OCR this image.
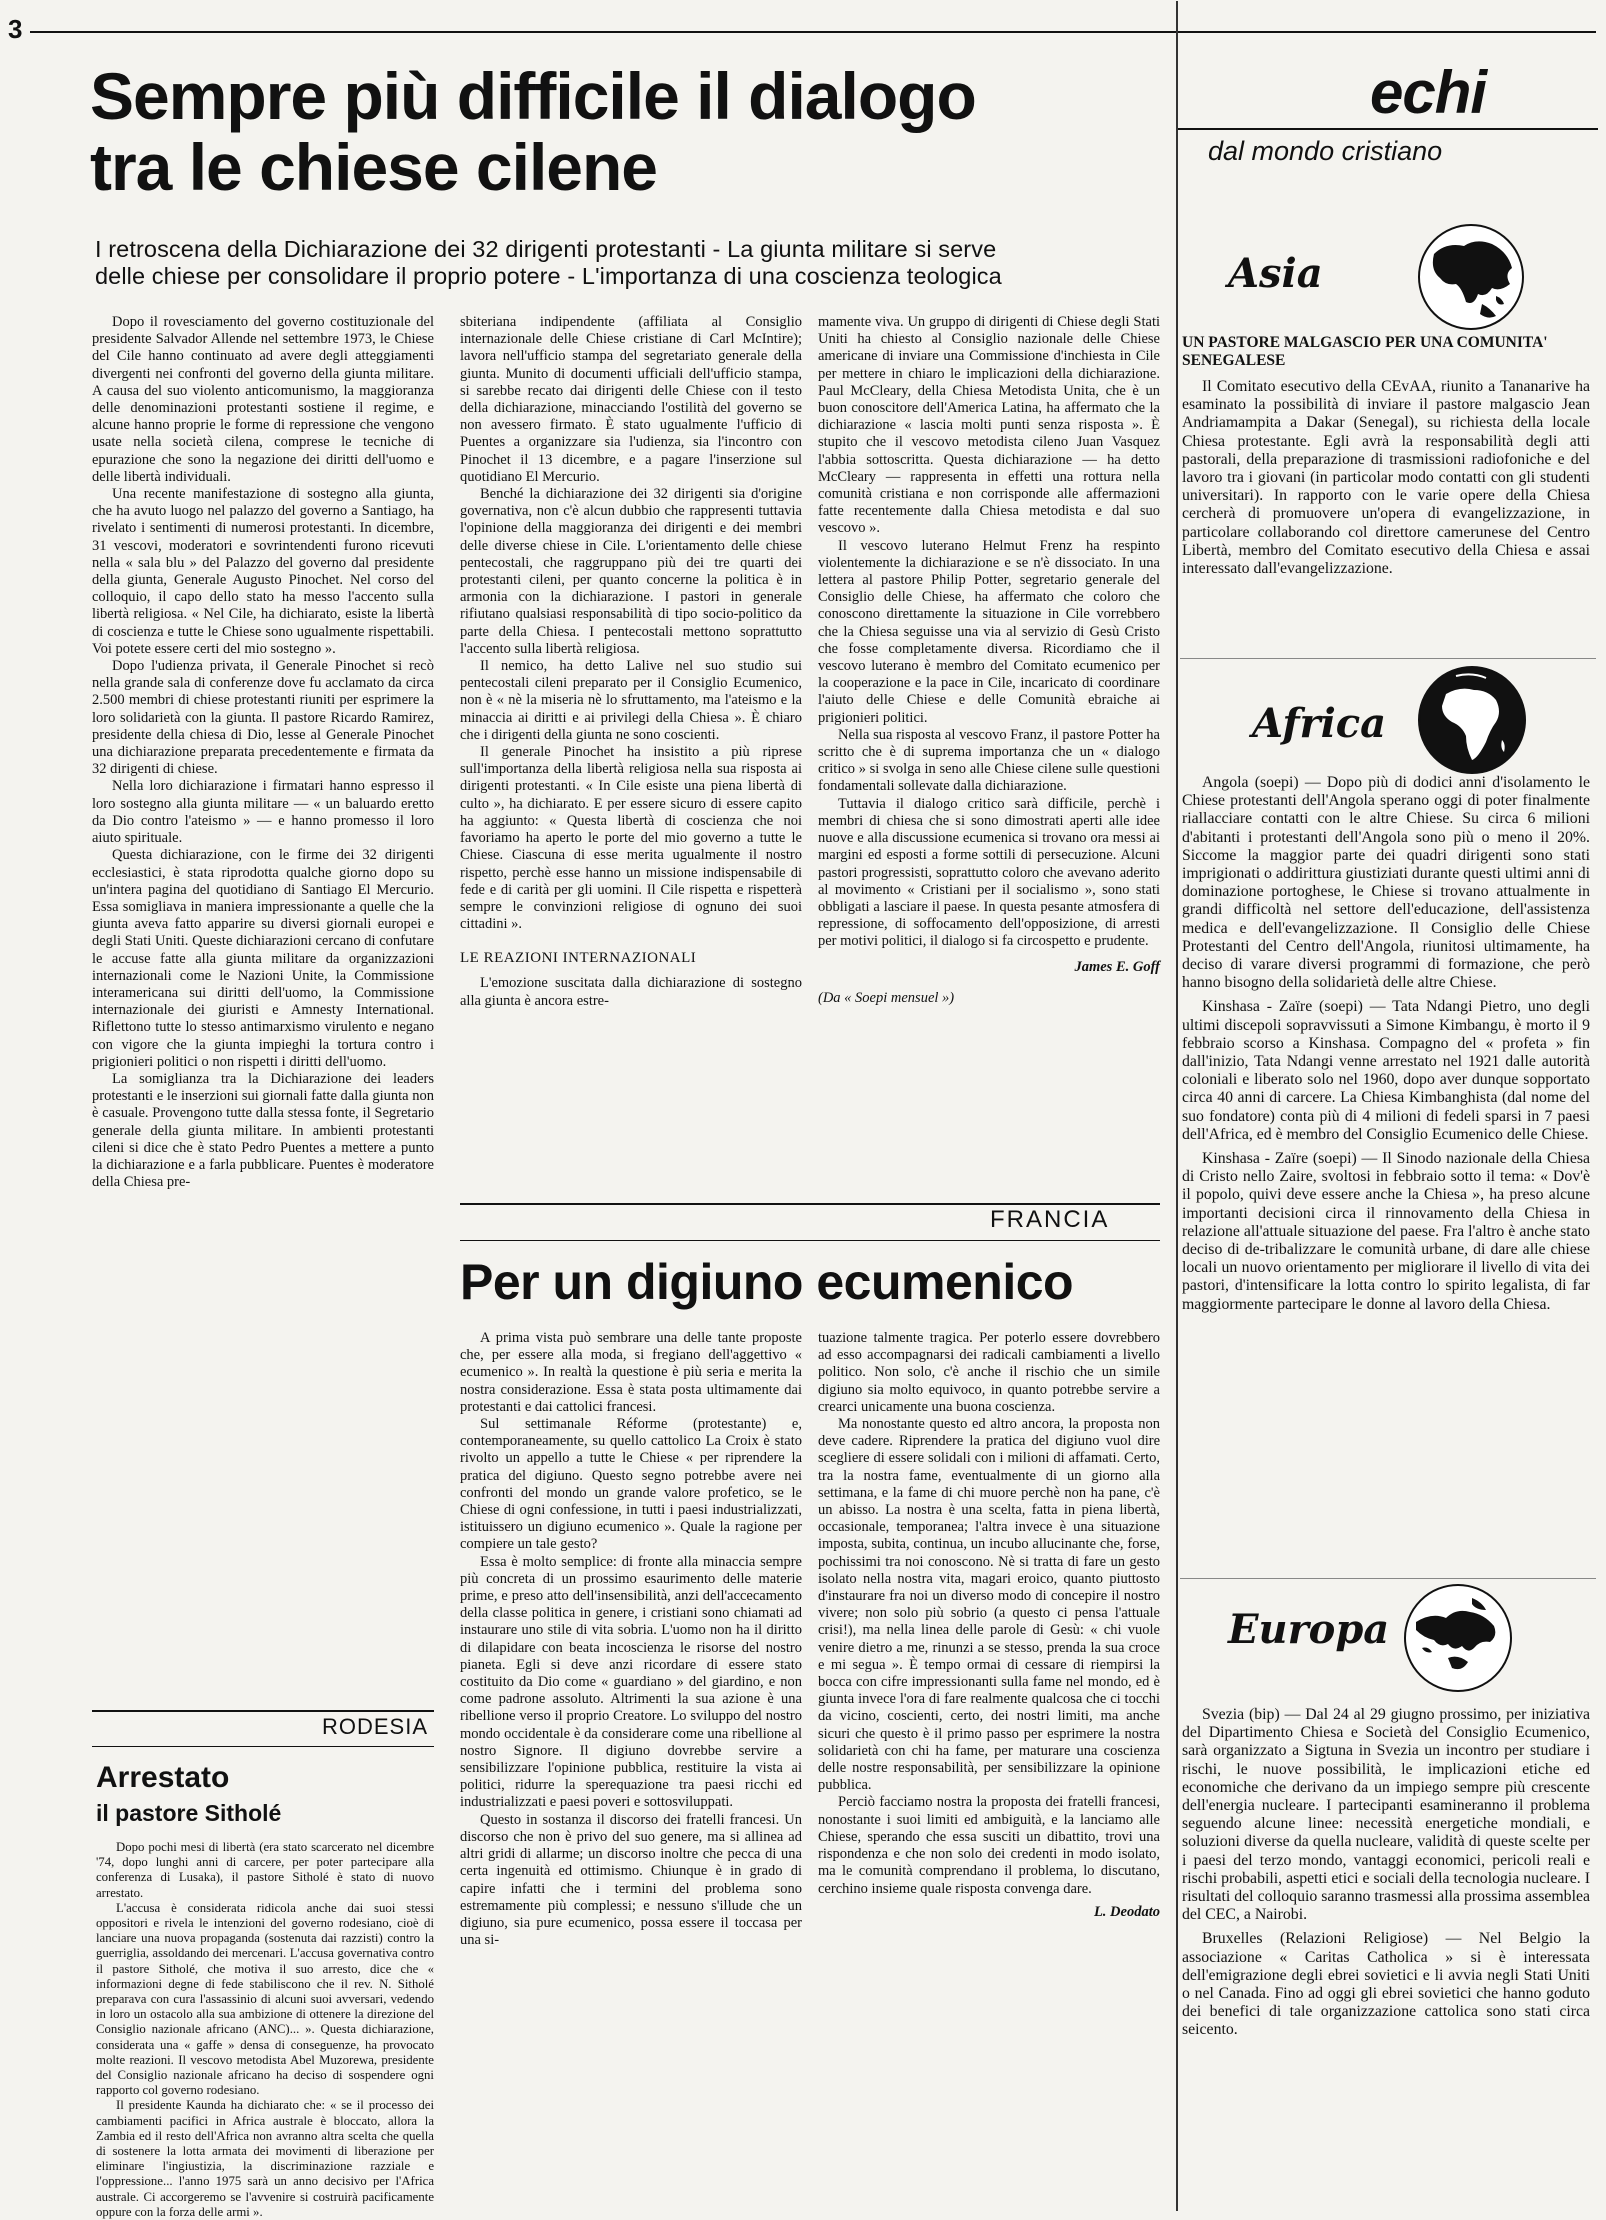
3
Sempre più difficile il dialogo
tra le chiese cilene
I retroscena della Dichiarazione dei 32 dirigenti protestanti - La giunta militare si serve
delle chiese per consolidare il proprio potere - L'importanza di una coscienza teologica

Dopo il rovesciamento del governo costituzionale del presidente Salvador Allende nel settembre 1973, le Chiese del Cile hanno continuato ad avere degli atteggiamenti divergenti nei confronti del governo della giunta militare. A causa del suo violento anticomunismo, la maggioranza delle denominazioni protestanti sostiene il regime, e alcune hanno proprie le forme di repressione che vengono usate nella società cilena, comprese le tecniche di epurazione che sono la negazione dei diritti dell'uomo e delle libertà individuali.

Una recente manifestazione di sostegno alla giunta, che ha avuto luogo nel palazzo del governo a Santiago, ha rivelato i sentimenti di numerosi protestanti. In dicembre, 31 vescovi, moderatori e sovrintendenti furono ricevuti nella « sala blu » del Palazzo del governo dal presidente della giunta, Generale Augusto Pinochet. Nel corso del colloquio, il capo dello stato ha messo l'accento sulla libertà religiosa. « Nel Cile, ha dichiarato, esiste la libertà di coscienza e tutte le Chiese sono ugualmente rispettabili. Voi potete essere certi del mio sostegno ».

Dopo l'udienza privata, il Generale Pinochet si recò nella grande sala di conferenze dove fu acclamato da circa 2.500 membri di chiese protestanti riuniti per esprimere la loro solidarietà con la giunta. Il pastore Ricardo Ramirez, presidente della chiesa di Dio, lesse al Generale Pinochet una dichiarazione preparata precedentemente e firmata da 32 dirigenti di chiese.

Nella loro dichiarazione i firmatari hanno espresso il loro sostegno alla giunta militare — « un baluardo eretto da Dio contro l'ateismo » — e hanno promesso il loro aiuto spirituale.

Questa dichiarazione, con le firme dei 32 dirigenti ecclesiastici, è stata riprodotta qualche giorno dopo su un'intera pagina del quotidiano di Santiago El Mercurio. Essa somigliava in maniera impressionante a quelle che la giunta aveva fatto apparire su diversi giornali europei e degli Stati Uniti. Queste dichiarazioni cercano di confutare le accuse fatte alla giunta militare da organizzazioni internazionali come le Nazioni Unite, la Commissione interamericana sui diritti dell'uomo, la Commissione internazionale dei giuristi e Amnesty International. Riflettono tutte lo stesso antimarxismo virulento e negano con vigore che la giunta impieghi la tortura contro i prigionieri politici o non rispetti i diritti dell'uomo.

La somiglianza tra la Dichiarazione dei leaders protestanti e le inserzioni sui giornali fatte dalla giunta non è casuale. Provengono tutte dalla stessa fonte, il Segretario generale della giunta militare. In ambienti protestanti cileni si dice che è stato Pedro Puentes a mettere a punto la dichiarazione e a farla pubblicare. Puentes è moderatore della Chiesa pre-

sbiteriana indipendente (affiliata al Consiglio internazionale delle Chiese cristiane di Carl McIntire); lavora nell'ufficio stampa del segretariato generale della giunta. Munito di documenti ufficiali dell'ufficio stampa, si sarebbe recato dai dirigenti delle Chiese con il testo della dichiarazione, minacciando l'ostilità del governo se non avessero firmato. È stato ugualmente l'ufficio di Puentes a organizzare sia l'udienza, sia l'incontro con Pinochet il 13 dicembre, e a pagare l'inserzione sul quotidiano El Mercurio.

Benché la dichiarazione dei 32 dirigenti sia d'origine governativa, non c'è alcun dubbio che rappresenti tuttavia l'opinione della maggioranza dei dirigenti e dei membri delle diverse chiese in Cile. L'orientamento delle chiese pentecostali, che raggruppano più dei tre quarti dei protestanti cileni, per quanto concerne la politica è in armonia con la dichiarazione. I pastori in generale rifiutano qualsiasi responsabilità di tipo socio-politico da parte della Chiesa. I pentecostali mettono soprattutto l'accento sulla libertà religiosa.

Il nemico, ha detto Lalive nel suo studio sui pentecostali cileni preparato per il Consiglio Ecumenico, non è « nè la miseria nè lo sfruttamento, ma l'ateismo e la minaccia ai diritti e ai privilegi della Chiesa ». È chiaro che i dirigenti della giunta ne sono coscienti.

Il generale Pinochet ha insistito a più riprese sull'importanza della libertà religiosa nella sua risposta ai dirigenti protestanti. « In Cile esiste una piena libertà di culto », ha dichiarato. E per essere sicuro di essere capito ha aggiunto: « Questa libertà di coscienza che noi favoriamo ha aperto le porte del mio governo a tutte le Chiese. Ciascuna di esse merita ugualmente il nostro rispetto, perchè esse hanno un missione indispensabile di fede e di carità per gli uomini. Il Cile rispetta e rispetterà sempre le convinzioni religiose di ognuno dei suoi cittadini ».

LE REAZIONI INTERNAZIONALI

L'emozione suscitata dalla dichiarazione di sostegno alla giunta è ancora estre-

mamente viva. Un gruppo di dirigenti di Chiese degli Stati Uniti ha chiesto al Consiglio nazionale delle Chiese americane di inviare una Commissione d'inchiesta in Cile per mettere in chiaro le implicazioni della dichiarazione. Paul McCleary, della Chiesa Metodista Unita, che è un buon conoscitore dell'America Latina, ha affermato che la dichiarazione « lascia molti punti senza risposta ». È stupito che il vescovo metodista cileno Juan Vasquez l'abbia sottoscritta. Questa dichiarazione — ha detto McCleary — rappresenta in effetti una rottura nella comunità cristiana e non corrisponde alle affermazioni fatte recentemente dalla Chiesa metodista e dal suo vescovo ».

Il vescovo luterano Helmut Frenz ha respinto violentemente la dichiarazione e se n'è dissociato. In una lettera al pastore Philip Potter, segretario generale del Consiglio delle Chiese, ha affermato che coloro che conoscono direttamente la situazione in Cile vorrebbero che la Chiesa seguisse una via al servizio di Gesù Cristo che fosse completamente diversa. Ricordiamo che il vescovo luterano è membro del Comitato ecumenico per la cooperazione e la pace in Cile, incaricato di coordinare l'aiuto delle Chiese e delle Comunità ebraiche ai prigionieri politici.

Nella sua risposta al vescovo Franz, il pastore Potter ha scritto che è di suprema importanza che un « dialogo critico » si svolga in seno alle Chiese cilene sulle questioni fondamentali sollevate dalla dichiarazione.

Tuttavia il dialogo critico sarà difficile, perchè i membri di chiesa che si sono dimostrati aperti alle idee nuove e alla discussione ecumenica si trovano ora messi ai margini ed esposti a forme sottili di persecuzione. Alcuni pastori progressisti, soprattutto coloro che avevano aderito al movimento « Cristiani per il socialismo », sono stati obbligati a lasciare il paese. In questa pesante atmosfera di repressione, di soffocamento dell'opposizione, di arresti per motivi politici, il dialogo si fa circospetto e prudente.

James E. Goff
(Da « Soepi mensuel »)
FRANCIA
Per un digiuno ecumenico

A prima vista può sembrare una delle tante proposte che, per essere alla moda, si fregiano dell'aggettivo « ecumenico ». In realtà la questione è più seria e merita la nostra considerazione. Essa è stata posta ultimamente dai protestanti e dai cattolici francesi.

Sul settimanale Réforme (protestante) e, contemporaneamente, su quello cattolico La Croix è stato rivolto un appello a tutte le Chiese « per riprendere la pratica del digiuno. Questo segno potrebbe avere nei confronti del mondo un grande valore profetico, se le Chiese di ogni confessione, in tutti i paesi industrializzati, istituissero un digiuno ecumenico ». Quale la ragione per compiere un tale gesto?

Essa è molto semplice: di fronte alla minaccia sempre più concreta di un prossimo esaurimento delle materie prime, e preso atto dell'insensibilità, anzi dell'accecamento della classe politica in genere, i cristiani sono chiamati ad instaurare uno stile di vita sobria. L'uomo non ha il diritto di dilapidare con beata incoscienza le risorse del nostro pianeta. Egli si deve anzi ricordare di essere stato costituito da Dio come « guardiano » del giardino, e non come padrone assoluto. Altrimenti la sua azione è una ribellione verso il proprio Creatore. Lo sviluppo del nostro mondo occidentale è da considerare come una ribellione al nostro Signore. Il digiuno dovrebbe servire a sensibilizzare l'opinione pubblica, restituire la vista ai politici, ridurre la sperequazione tra paesi ricchi ed industrializzati e paesi poveri e sottosviluppati.

Questo in sostanza il discorso dei fratelli francesi. Un discorso che non è privo del suo genere, ma si allinea ad altri gridi di allarme; un discorso inoltre che pecca di una certa ingenuità ed ottimismo. Chiunque è in grado di capire infatti che i termini del problema sono estremamente più complessi; e nessuno s'illude che un digiuno, sia pure ecumenico, possa essere il toccasa per una si-

tuazione talmente tragica. Per poterlo essere dovrebbero ad esso accompagnarsi dei radicali cambiamenti a livello politico. Non solo, c'è anche il rischio che un simile digiuno sia molto equivoco, in quanto potrebbe servire a crearci unicamente una buona coscienza.

Ma nonostante questo ed altro ancora, la proposta non deve cadere. Riprendere la pratica del digiuno vuol dire scegliere di essere solidali con i milioni di affamati. Certo, tra la nostra fame, eventualmente di un giorno alla settimana, e la fame di chi muore perchè non ha pane, c'è un abisso. La nostra è una scelta, fatta in piena libertà, occasionale, temporanea; l'altra invece è una situazione imposta, subita, continua, un incubo allucinante che, forse, pochissimi tra noi conoscono. Nè si tratta di fare un gesto isolato nella nostra vita, magari eroico, quanto piuttosto d'instaurare fra noi un diverso modo di concepire il nostro vivere; non solo più sobrio (a questo ci pensa l'attuale crisi!), ma nella linea delle parole di Gesù: « chi vuole venire dietro a me, rinunzi a se stesso, prenda la sua croce e mi segua ». È tempo ormai di cessare di riempirsi la bocca con cifre impressionanti sulla fame nel mondo, ed è giunta invece l'ora di fare realmente qualcosa che ci tocchi da vicino, coscienti, certo, dei nostri limiti, ma anche sicuri che questo è il primo passo per esprimere la nostra solidarietà con chi ha fame, per maturare una coscienza delle nostre responsabilità, per sensibilizzare la opinione pubblica.

Perciò facciamo nostra la proposta dei fratelli francesi, nonostante i suoi limiti ed ambiguità, e la lanciamo alle Chiese, sperando che essa susciti un dibattito, trovi una rispondenza e che non solo dei credenti in modo isolato, ma le comunità comprendano il problema, lo discutano, cerchino insieme quale risposta convenga dare.

L. Deodato
RODESIA
Arrestato
il pastore Sitholé

Dopo pochi mesi di libertà (era stato scarcerato nel dicembre '74, dopo lunghi anni di carcere, per poter partecipare alla conferenza di Lusaka), il pastore Sitholé è stato di nuovo arrestato.

L'accusa è considerata ridicola anche dai suoi stessi oppositori e rivela le intenzioni del governo rodesiano, cioè di lanciare una nuova propaganda (sostenuta dai razzisti) contro la guerriglia, assoldando dei mercenari. L'accusa governativa contro il pastore Sitholé, che motiva il suo arresto, dice che « informazioni degne di fede stabiliscono che il rev. N. Sitholé preparava con cura l'assassinio di alcuni suoi avversari, vedendo in loro un ostacolo alla sua ambizione di ottenere la direzione del Consiglio nazionale africano (ANC)... ». Questa dichiarazione, considerata una « gaffe » densa di conseguenze, ha provocato molte reazioni. Il vescovo metodista Abel Muzorewa, presidente del Consiglio nazionale africano ha deciso di sospendere ogni rapporto col governo rodesiano.

Il presidente Kaunda ha dichiarato che: « se il processo dei cambiamenti pacifici in Africa australe è bloccato, allora la Zambia ed il resto dell'Africa non avranno altra scelta che quella di sostenere la lotta armata dei movimenti di liberazione per eliminare l'ingiustizia, la discriminazione razziale e l'oppressione... l'anno 1975 sarà un anno decisivo per l'Africa australe. Ci accorgeremo se l'avvenire si costruirà pacificamente oppure con la forza delle armi ».

echi
dal mondo cristiano
Asia
UN PASTORE MALGASCIO PER UNA COMUNITA' SENEGALESE

Il Comitato esecutivo della CEvAA, riunito a Tananarive ha esaminato la possibilità di inviare il pastore malgascio Jean Andriamampita a Dakar (Senegal), su richiesta della locale Chiesa protestante. Egli avrà la responsabilità degli atti pastorali, della preparazione di trasmissioni radiofoniche e del lavoro tra i giovani (in particolar modo contatti con gli studenti universitari). In rapporto con le varie opere della Chiesa cercherà di promuovere un'opera di evangelizzazione, in particolare collaborando col direttore camerunese del Centro Libertà, membro del Comitato esecutivo della Chiesa e assai interessato dall'evangelizzazione.

Africa

Angola (soepi) — Dopo più di dodici anni d'isolamento le Chiese protestanti dell'Angola sperano oggi di poter finalmente riallacciare contatti con le altre Chiese. Su circa 6 milioni d'abitanti i protestanti dell'Angola sono più o meno il 20%. Siccome la maggior parte dei quadri dirigenti sono stati imprigionati o addirittura giustiziati durante questi ultimi anni di dominazione portoghese, le Chiese si trovano attualmente in grandi difficoltà nel settore dell'educazione, dell'assistenza medica e dell'evangelizzazione. Il Consiglio delle Chiese Protestanti del Centro dell'Angola, riunitosi ultimamente, ha deciso di varare diversi programmi di formazione, che però hanno bisogno della solidarietà delle altre Chiese.

Kinshasa - Zaïre (soepi) — Tata Ndangi Pietro, uno degli ultimi discepoli sopravvissuti a Simone Kimbangu, è morto il 9 febbraio scorso a Kinshasa. Compagno del « profeta » fin dall'inizio, Tata Ndangi venne arrestato nel 1921 dalle autorità coloniali e liberato solo nel 1960, dopo aver dunque sopportato circa 40 anni di carcere. La Chiesa Kimbanghista (dal nome del suo fondatore) conta più di 4 milioni di fedeli sparsi in 7 paesi dell'Africa, ed è membro del Consiglio Ecumenico delle Chiese.

Kinshasa - Zaïre (soepi) — Il Sinodo nazionale della Chiesa di Cristo nello Zaire, svoltosi in febbraio sotto il tema: « Dov'è il popolo, quivi deve essere anche la Chiesa », ha preso alcune importanti decisioni circa il rinnovamento della Chiesa in relazione all'attuale situazione del paese. Fra l'altro è anche stato deciso di de-tribalizzare le comunità urbane, di dare alle chiese locali un nuovo orientamento per migliorare il livello di vita dei pastori, d'intensificare la lotta contro lo spirito legalista, di far maggiormente partecipare le donne al lavoro della Chiesa.

Europa

Svezia (bip) — Dal 24 al 29 giugno prossimo, per iniziativa del Dipartimento Chiesa e Società del Consiglio Ecumenico, sarà organizzato a Sigtuna in Svezia un incontro per studiare i rischi, le nuove possibilità, le implicazioni etiche ed economiche che derivano da un impiego sempre più crescente dell'energia nucleare. I partecipanti esamineranno il problema seguendo alcune linee: necessità energetiche mondiali, e soluzioni diverse da quella nucleare, validità di queste scelte per i paesi del terzo mondo, vantaggi economici, pericoli reali e rischi probabili, aspetti etici e sociali della tecnologia nucleare. I risultati del colloquio saranno trasmessi alla prossima assemblea del CEC, a Nairobi.

Bruxelles (Relazioni Religiose) — Nel Belgio la associazione « Caritas Catholica » si è interessata dell'emigrazione degli ebrei sovietici e li avvia negli Stati Uniti o nel Canada. Fino ad oggi gli ebrei sovietici che hanno goduto dei benefici di tale organizzazione cattolica sono stati circa seicento.
